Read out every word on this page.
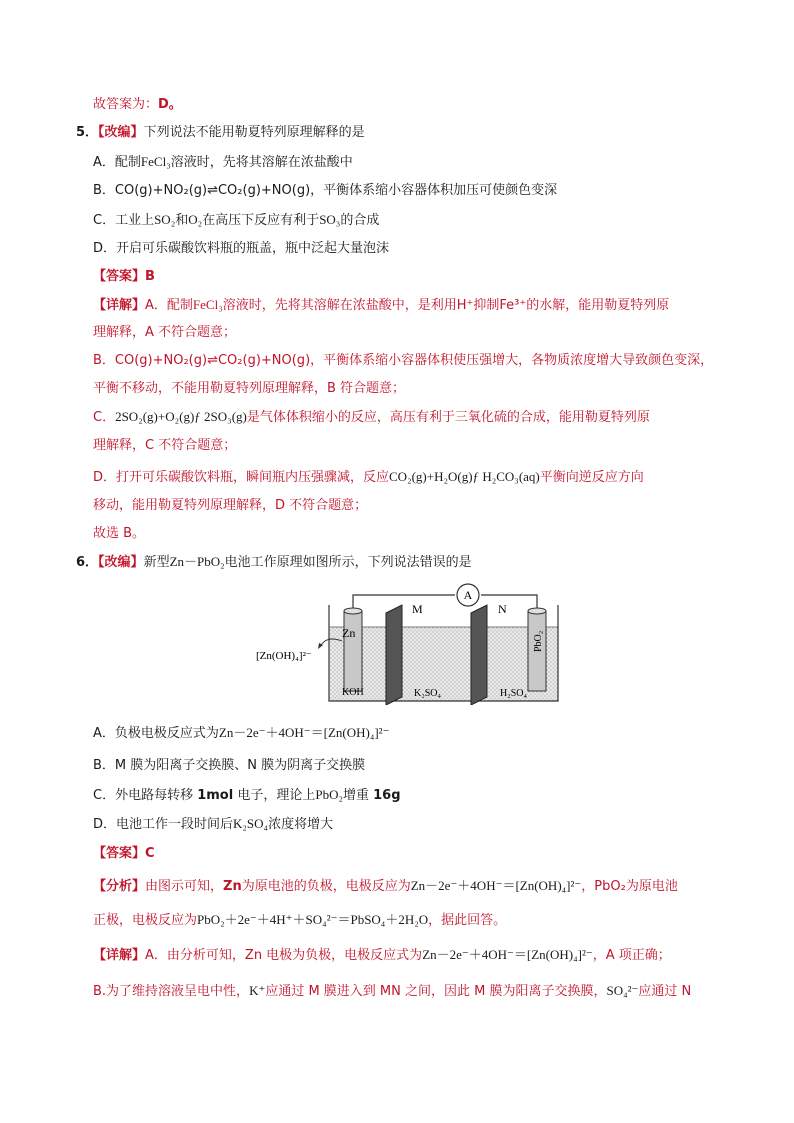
故答案为：D。
5．【改编】下列说法不能用勒夏特列原理解释的是
A．配制FeCl₃溶液时，先将其溶解在浓盐酸中
B．CO(g)+NO₂(g)⇌CO₂(g)+NO(g)，平衡体系缩小容器体积加压可使颜色变深
C．工业上SO₂和O₂在高压下反应有利于SO₃的合成
D．开启可乐碳酸饮料瓶的瓶盖，瓶中泛起大量泡沫
【答案】B
【详解】A．配制FeCl₃溶液时，先将其溶解在浓盐酸中，是利用H⁺抑制Fe³⁺的水解，能用勒夏特列原
理解释，A 不符合题意；
B．CO(g)+NO₂(g)⇌CO₂(g)+NO(g)，平衡体系缩小容器体积使压强增大，各物质浓度增大导致颜色变深，
平衡不移动，不能用勒夏特列原理解释，B 符合题意；
C．2SO₂(g)+O₂(g)ƒ 2SO₃(g)是气体体积缩小的反应，高压有利于三氧化硫的合成，能用勒夏特列原
理解释，C 不符合题意；
D．打开可乐碳酸饮料瓶，瞬间瓶内压强骤减，反应CO₂(g)+H₂O(g)ƒ H₂CO₃(aq)平衡向逆反应方向
移动，能用勒夏特列原理解释，D 不符合题意；
故选 B。
6．【改编】新型Zn－PbO₂电池工作原理如图所示，下列说法错误的是
A
Zn	PbO₂
M	N
[Zn(OH)₄]²⁻
KOH	K₂SO₄	H₂SO₄
A．负极电极反应式为Zn－2e⁻＋4OH⁻＝[Zn(OH)₄]²⁻
B．M 膜为阳离子交换膜、N 膜为阴离子交换膜
C．外电路每转移 1mol 电子，理论上PbO₂增重 16g
D．电池工作一段时间后K₂SO₄浓度将增大
【答案】C
【分析】由图示可知，Zn为原电池的负极，电极反应为Zn－2e⁻＋4OH⁻＝[Zn(OH)₄]²⁻，PbO₂为原电池
正极，电极反应为PbO₂＋2e⁻＋4H⁺＋SO₄²⁻＝PbSO₄＋2H₂O，据此回答。
【详解】A．由分析可知，Zn 电极为负极，电极反应式为Zn－2e⁻＋4OH⁻＝[Zn(OH)₄]²⁻，A 项正确；
B.为了维持溶液呈电中性，K⁺应通过 M 膜进入到 MN 之间，因此 M 膜为阳离子交换膜，SO₄²⁻应通过 N
